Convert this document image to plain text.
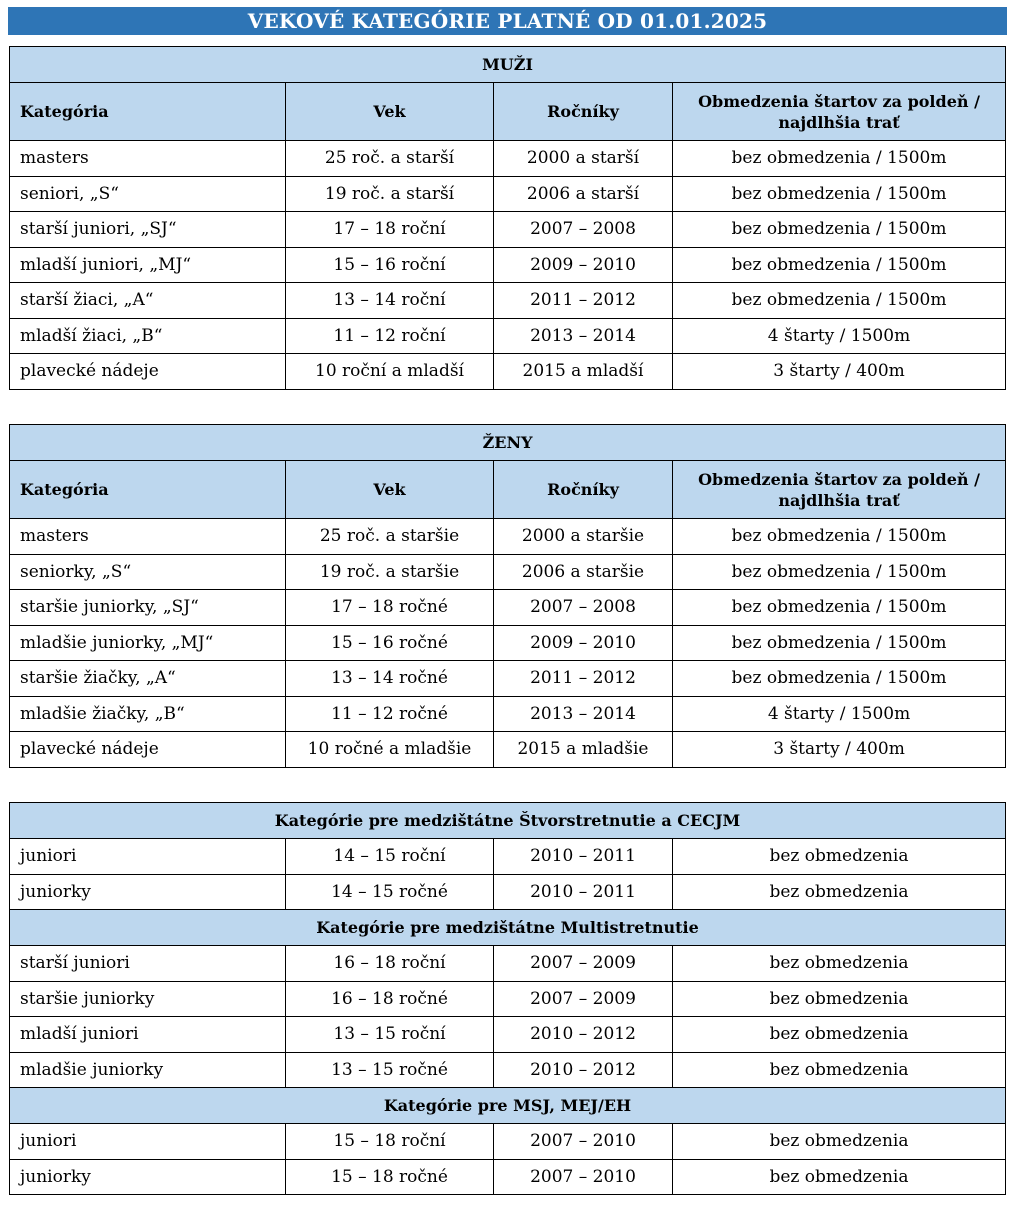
VEKOVÉ KATEGÓRIE PLATNÉ OD 01.01.2025
MUŽI			
Kategória	Vek	Ročníky	Obmedzenia štartov za poldeň / najdlhšia trať
masters	25 roč. a starší	2000 a starší	bez obmedzenia / 1500m
seniori, „S“	19 roč. a starší	2006 a starší	bez obmedzenia / 1500m
starší juniori, „SJ“	17 – 18 roční	2007 – 2008	bez obmedzenia / 1500m
mladší juniori, „MJ“	15 – 16 roční	2009 – 2010	bez obmedzenia / 1500m
starší žiaci, „A“	13 – 14 roční	2011 – 2012	bez obmedzenia / 1500m
mladší žiaci, „B“	11 – 12 roční	2013 – 2014	4 štarty / 1500m
plavecké nádeje	10 roční a mladší	2015 a mladší	3 štarty / 400m
ŽENY			
Kategória	Vek	Ročníky	Obmedzenia štartov za poldeň / najdlhšia trať
masters	25 roč. a staršie	2000 a staršie	bez obmedzenia / 1500m
seniorky, „S“	19 roč. a staršie	2006 a staršie	bez obmedzenia / 1500m
staršie juniorky, „SJ“	17 – 18 ročné	2007 – 2008	bez obmedzenia / 1500m
mladšie juniorky, „MJ“	15 – 16 ročné	2009 – 2010	bez obmedzenia / 1500m
staršie žiačky, „A“	13 – 14 ročné	2011 – 2012	bez obmedzenia / 1500m
mladšie žiačky, „B“	11 – 12 ročné	2013 – 2014	4 štarty / 1500m
plavecké nádeje	10 ročné a mladšie	2015 a mladšie	3 štarty / 400m
Kategórie pre medzištátne Štvorstretnutie a CECJM			
juniori	14 – 15 roční	2010 – 2011	bez obmedzenia
juniorky	14 – 15 ročné	2010 – 2011	bez obmedzenia
Kategórie pre medzištátne Multistretnutie			
starší juniori	16 – 18 roční	2007 – 2009	bez obmedzenia
staršie juniorky	16 – 18 ročné	2007 – 2009	bez obmedzenia
mladší juniori	13 – 15 roční	2010 – 2012	bez obmedzenia
mladšie juniorky	13 – 15 ročné	2010 – 2012	bez obmedzenia
Kategórie pre MSJ, MEJ/EH			
juniori	15 – 18 roční	2007 – 2010	bez obmedzenia
juniorky	15 – 18 ročné	2007 – 2010	bez obmedzenia
